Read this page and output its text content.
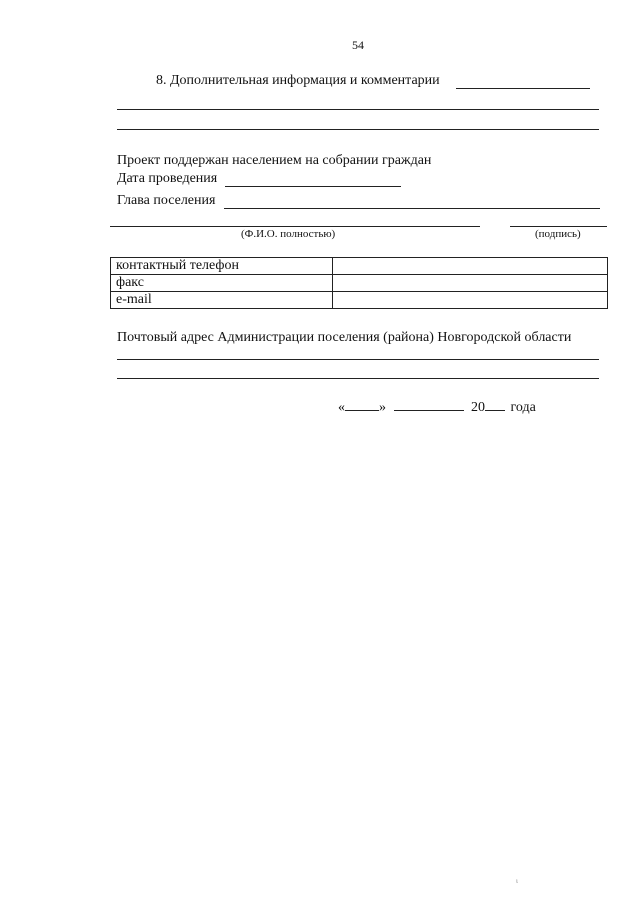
54
8. Дополнительная информация и комментарии
Проект поддержан населением на собрании граждан
Дата проведения
Глава поселения
(Ф.И.О. полностью)	(подпись)
контактный телефон	
факс	
e-mail	
Почтовый адрес Администрации поселения (района) Новгородской области
« »	20 года
ι
